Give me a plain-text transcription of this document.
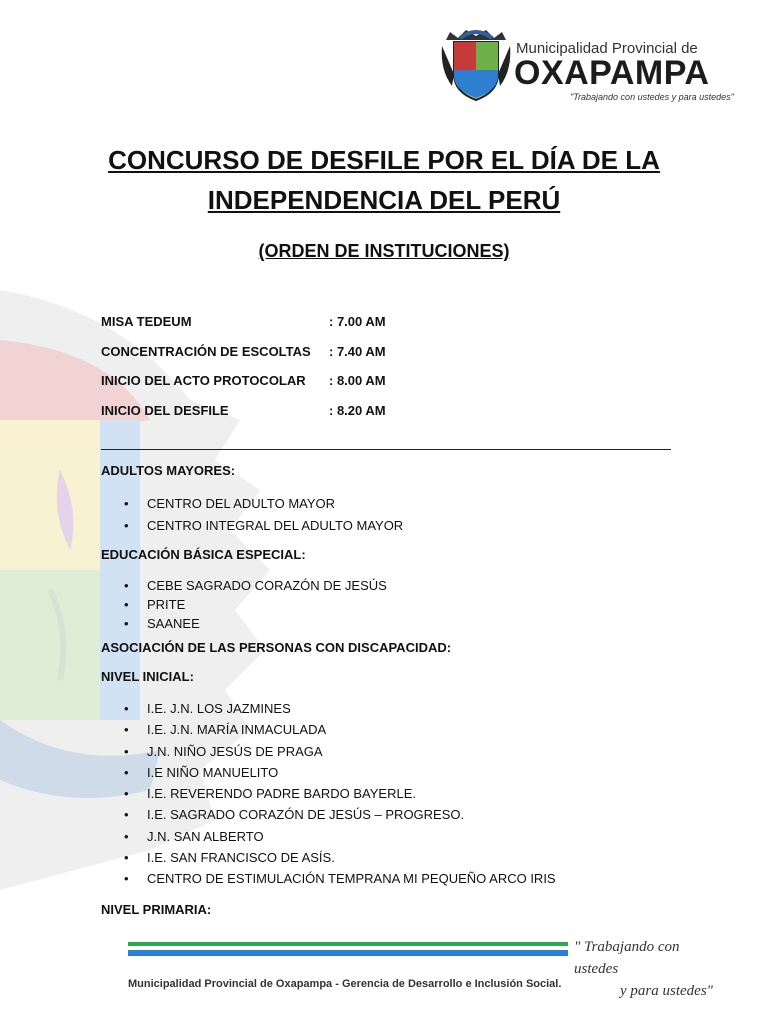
Municipalidad Provincial de
OXAPAMPA
"Trabajando con ustedes y para ustedes"
CONCURSO DE DESFILE POR EL DÍA DE LA
INDEPENDENCIA DEL PERÚ
(ORDEN DE INSTITUCIONES)
MISA TEDEUM	: 7.00 AM
CONCENTRACIÓN DE ESCOLTAS : 7.40 AM
INICIO DEL ACTO PROTOCOLAR : 8.00 AM
INICIO DEL DESFILE	: 8.20 AM
ADULTOS MAYORES:
• CENTRO DEL ADULTO MAYOR
• CENTRO INTEGRAL DEL ADULTO MAYOR
EDUCACIÓN BÁSICA ESPECIAL:
• CEBE SAGRADO CORAZÓN DE JESÚS
• PRITE
• SAANEE
ASOCIACIÓN DE LAS PERSONAS CON DISCAPACIDAD:
NIVEL INICIAL:
• I.E. J.N. LOS JAZMINES
• I.E. J.N. MARÍA INMACULADA
• J.N. NIÑO JESÚS DE PRAGA
• I.E NIÑO MANUELITO
• I.E. REVERENDO PADRE BARDO BAYERLE.
• I.E. SAGRADO CORAZÓN DE JESÚS – PROGRESO.
• J.N. SAN ALBERTO
• I.E. SAN FRANCISCO DE ASÍS.
• CENTRO DE ESTIMULACIÓN TEMPRANA MI PEQUEÑO ARCO IRIS
NIVEL PRIMARIA:
" Trabajando con ustedes
y para ustedes"
Municipalidad Provincial de Oxapampa - Gerencia de Desarrollo e Inclusión Social.
